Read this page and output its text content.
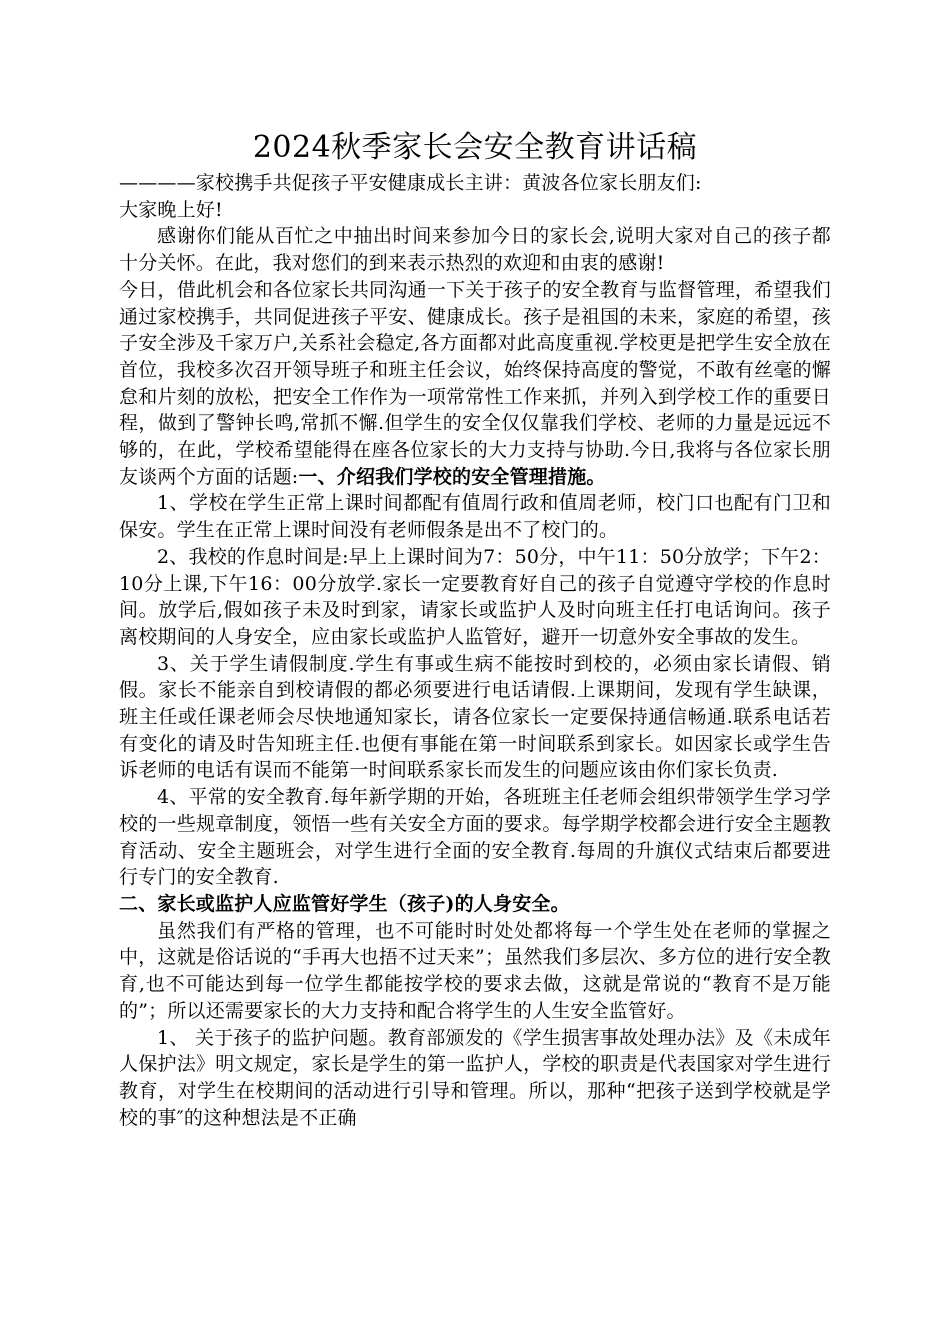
2024秋季家长会安全教育讲话稿

————家校携手共促孩子平安健康成长主讲：黄波各位家长朋友们:

大家晚上好!

感谢你们能从百忙之中抽出时间来参加今日的家长会,说明大家对自己的孩子都十分关怀。在此，我对您们的到来表示热烈的欢迎和由衷的感谢!

今日，借此机会和各位家长共同沟通一下关于孩子的安全教育与监督管理，希望我们通过家校携手，共同促进孩子平安、健康成长。孩子是祖国的未来，家庭的希望，孩子安全涉及千家万户,关系社会稳定,各方面都对此高度重视.学校更是把学生安全放在首位，我校多次召开领导班子和班主任会议，始终保持高度的警觉，不敢有丝毫的懈怠和片刻的放松，把安全工作作为一项常常性工作来抓，并列入到学校工作的重要日程，做到了警钟长鸣,常抓不懈.但学生的安全仅仅靠我们学校、老师的力量是远远不够的，在此，学校希望能得在座各位家长的大力支持与协助.今日,我将与各位家长朋友谈两个方面的话题:一、介绍我们学校的安全管理措施。

1、学校在学生正常上课时间都配有值周行政和值周老师，校门口也配有门卫和保安。学生在正常上课时间没有老师假条是出不了校门的。

2、我校的作息时间是:早上上课时间为7：50分，中午11：50分放学；下午2：10分上课,下午16：00分放学.家长一定要教育好自己的孩子自觉遵守学校的作息时间。放学后,假如孩子未及时到家，请家长或监护人及时向班主任打电话询问。孩子离校期间的人身安全，应由家长或监护人监管好，避开一切意外安全事故的发生。

3、关于学生请假制度.学生有事或生病不能按时到校的，必须由家长请假、销假。家长不能亲自到校请假的都必须要进行电话请假.上课期间，发现有学生缺课，班主任或任课老师会尽快地通知家长，请各位家长一定要保持通信畅通.联系电话若有变化的请及时告知班主任.也便有事能在第一时间联系到家长。如因家长或学生告诉老师的电话有误而不能第一时间联系家长而发生的问题应该由你们家长负责.

4、平常的安全教育.每年新学期的开始，各班班主任老师会组织带领学生学习学校的一些规章制度，领悟一些有关安全方面的要求。每学期学校都会进行安全主题教育活动、安全主题班会，对学生进行全面的安全教育.每周的升旗仪式结束后都要进行专门的安全教育.

二、家长或监护人应监管好学生（孩子)的人身安全。

虽然我们有严格的管理，也不可能时时处处都将每一个学生处在老师的掌握之中，这就是俗话说的“手再大也捂不过天来”；虽然我们多层次、多方位的进行安全教育,也不可能达到每一位学生都能按学校的要求去做，这就是常说的“教育不是万能的”；所以还需要家长的大力支持和配合将学生的人生安全监管好。

1、 关于孩子的监护问题。教育部颁发的《学生损害事故处理办法》及《未成年人保护法》明文规定，家长是学生的第一监护人，学校的职责是代表国家对学生进行教育，对学生在校期间的活动进行引导和管理。所以，那种“把孩子送到学校就是学校的事″的这种想法是不正确
